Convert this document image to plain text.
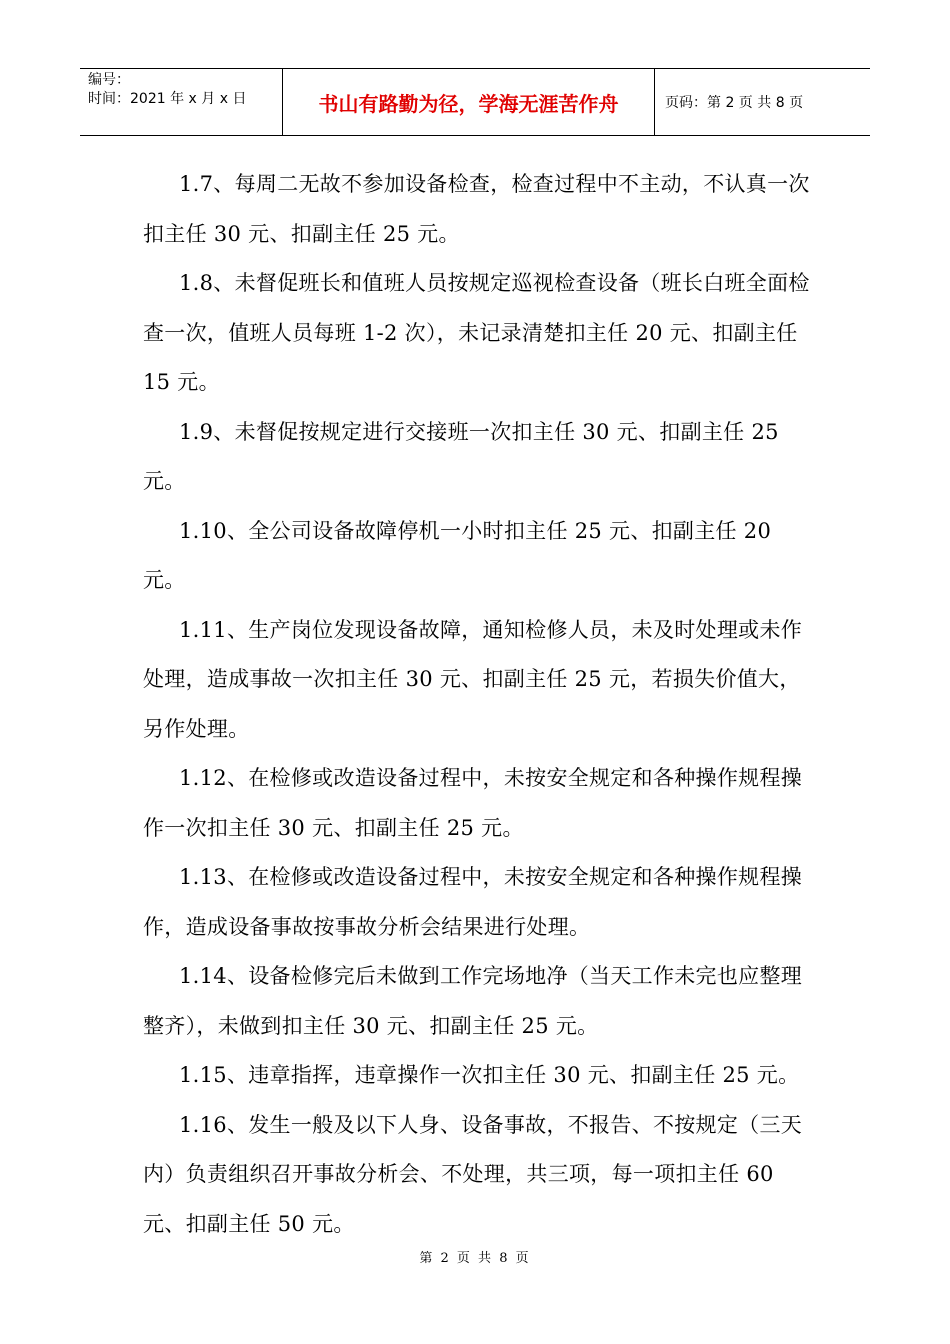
编号：
时间：2021 年 x 月 x 日	书山有路勤为径，学海无涯苦作舟	页码：第 2 页 共 8 页

1.7、每周二无故不参加设备检查，检查过程中不主动，不认真一次扣主任 30 元、扣副主任 25 元。

1.8、未督促班长和值班人员按规定巡视检查设备（班长白班全面检查一次，值班人员每班 1-2 次），未记录清楚扣主任 20 元、扣副主任 15 元。

1.9、未督促按规定进行交接班一次扣主任 30 元、扣副主任 25 元。

1.10、全公司设备故障停机一小时扣主任 25 元、扣副主任 20 元。

1.11、生产岗位发现设备故障，通知检修人员，未及时处理或未作处理，造成事故一次扣主任 30 元、扣副主任 25 元，若损失价值大，另作处理。

1.12、在检修或改造设备过程中，未按安全规定和各种操作规程操作一次扣主任 30 元、扣副主任 25 元。

1.13、在检修或改造设备过程中，未按安全规定和各种操作规程操作，造成设备事故按事故分析会结果进行处理。

1.14、设备检修完后未做到工作完场地净（当天工作未完也应整理整齐），未做到扣主任 30 元、扣副主任 25 元。

1.15、违章指挥，违章操作一次扣主任 30 元、扣副主任 25 元。

1.16、发生一般及以下人身、设备事故，不报告、不按规定（三天内）负责组织召开事故分析会、不处理，共三项，每一项扣主任 60 元、扣副主任 50 元。

第 2 页 共 8 页
